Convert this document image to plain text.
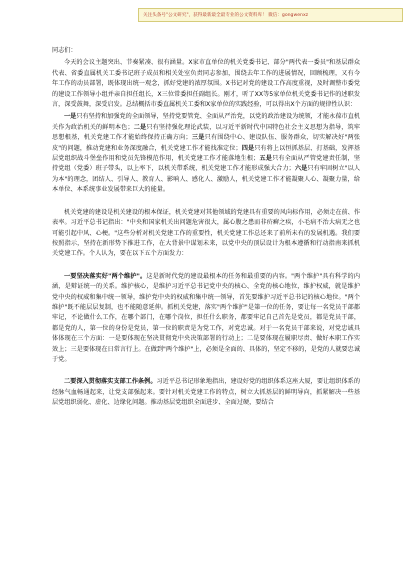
关注头条号"公文研究"，获得最新最全最专业的公文资料库！ 微信：gongwenxz
同志们：

今天的会议主题突出、节奏紧凑、很有涵量。X家市直单位的机关党委书记、部分"两代表一委员"和基层群众代表、省委直属机关工委书记班子成员和相关处室负责同志参加，围绕去年工作的进展情况，回顾梳理，又有今年工作的动员部署，既体现出统一观念，抓好党建的浓厚氛围。X书记对党的建设工作高度重视，及时调整市委党的建设工作领导小组并亲自担任组长，X三位常委担任副组长。刚才，听了XX等5家单位机关党委书记作的述职发言，深受鼓舞，深受启发。总结概括市委直属机关工委和X家单位的实践经验，可以得出X个方面的规律性认识：

一是只有坚持和加强党的全面领导，坚持党要管党、全面从严治党，以党的政治建设为统领，才能永葆市直机关作为政治机关的鲜明本色；二是只有坚持强化理论武装，以习近平新时代中国特色社会主义思想为指导，筑牢思想根基，机关党建工作才能始终保持正确方向；三是只有围绕中心、建设队伍、服务群众，切实解决好"两张皮"的问题，推动党建和业务深度融合，机关党建工作才能找准定位；四是只有将上以恒抓基层、打基础，发挥基层党组织战斗堡垒作用和党员先锋模范作用，机关党建工作才能落地生根；五是只有全面从严管党建责任制，坚持党组（党委）班子带头，以上率下，以机关带系统，机关党建工作才能形成强大合力；六是只有牢固树立"以人为本"的理念，团结人、引导人、教育人、影响人、感化人、激励人，机关党建工作才能凝聚人心、凝聚力量，给本单位、本系统事业发展带来巨大的能量。

机关党建的建设是机关建设的根本保证，机关党建对其他领域的党建具有重要的风向标作用，必须走在前、作表率。习近平总书记指出："中央和国家机关出问题危害很大，属心腹之患而非疥癣之疾，小毛病不治大病无之也可能引起中风、心梗。"这些分析对机关党建工作的重要性，机关党建工作总还来了前所未有的发展机遇。我们要按照指示，坚持在新形势下推进工作，在大背景中谋划未来，以党中央的顶层设计为根本遵循和行动指南来抓机关党建工作。个人认为，要在以下五个方面发力：

一要坚决落实好"两个维护"。这是新时代党的建设最根本的任务和最重要的内容。"两个维护"具有科学的内涵，是辩证统一的关系。维护核心，是维护习近平总书记党中央的核心、全党的核心地位，维护权威，就是维护党中央的权威和集中统一领导，维护党中央的权威和集中统一领导，首先要维护习近平总书记的核心地位。"两个维护"既不能层层复制，也不能随意延伸。抓机关党建，落实"两个维护"是第一位的任务，要让每一名党员干部都牢记，不论做什么工作，在哪个部门，在哪个岗位，担任什么职务，都要牢记自己首先是党员，都是党员干部，都是党的人，第一位的身份是党员，第一位的职责是为党工作，对党忠诚。对于一名党员干部来说，对党忠诚具体体现在三个方面：一是要体现在坚决贯彻党中央决策部署的行动上；二是要体现在履职尽责、做好本职工作实效上；三是要体现在日常言行上。在做到"两个维护"上，必须是全面的、具体的，坚定不移的，是党的人就要忠诚于党。

二要深入贯彻落实支部工作条例。习近平总书记形象地指出，建设好党的组织体系这座大厦，要让组织体系的经脉气血畅通起来，让党支部强起来。要针对机关党建工作的特点，树立大抓基层的鲜明导向，抓紧解决一些基层党组织弱化、虚化、边缘化问题。推动基层党组织全面进步、全面过硬，要结合
